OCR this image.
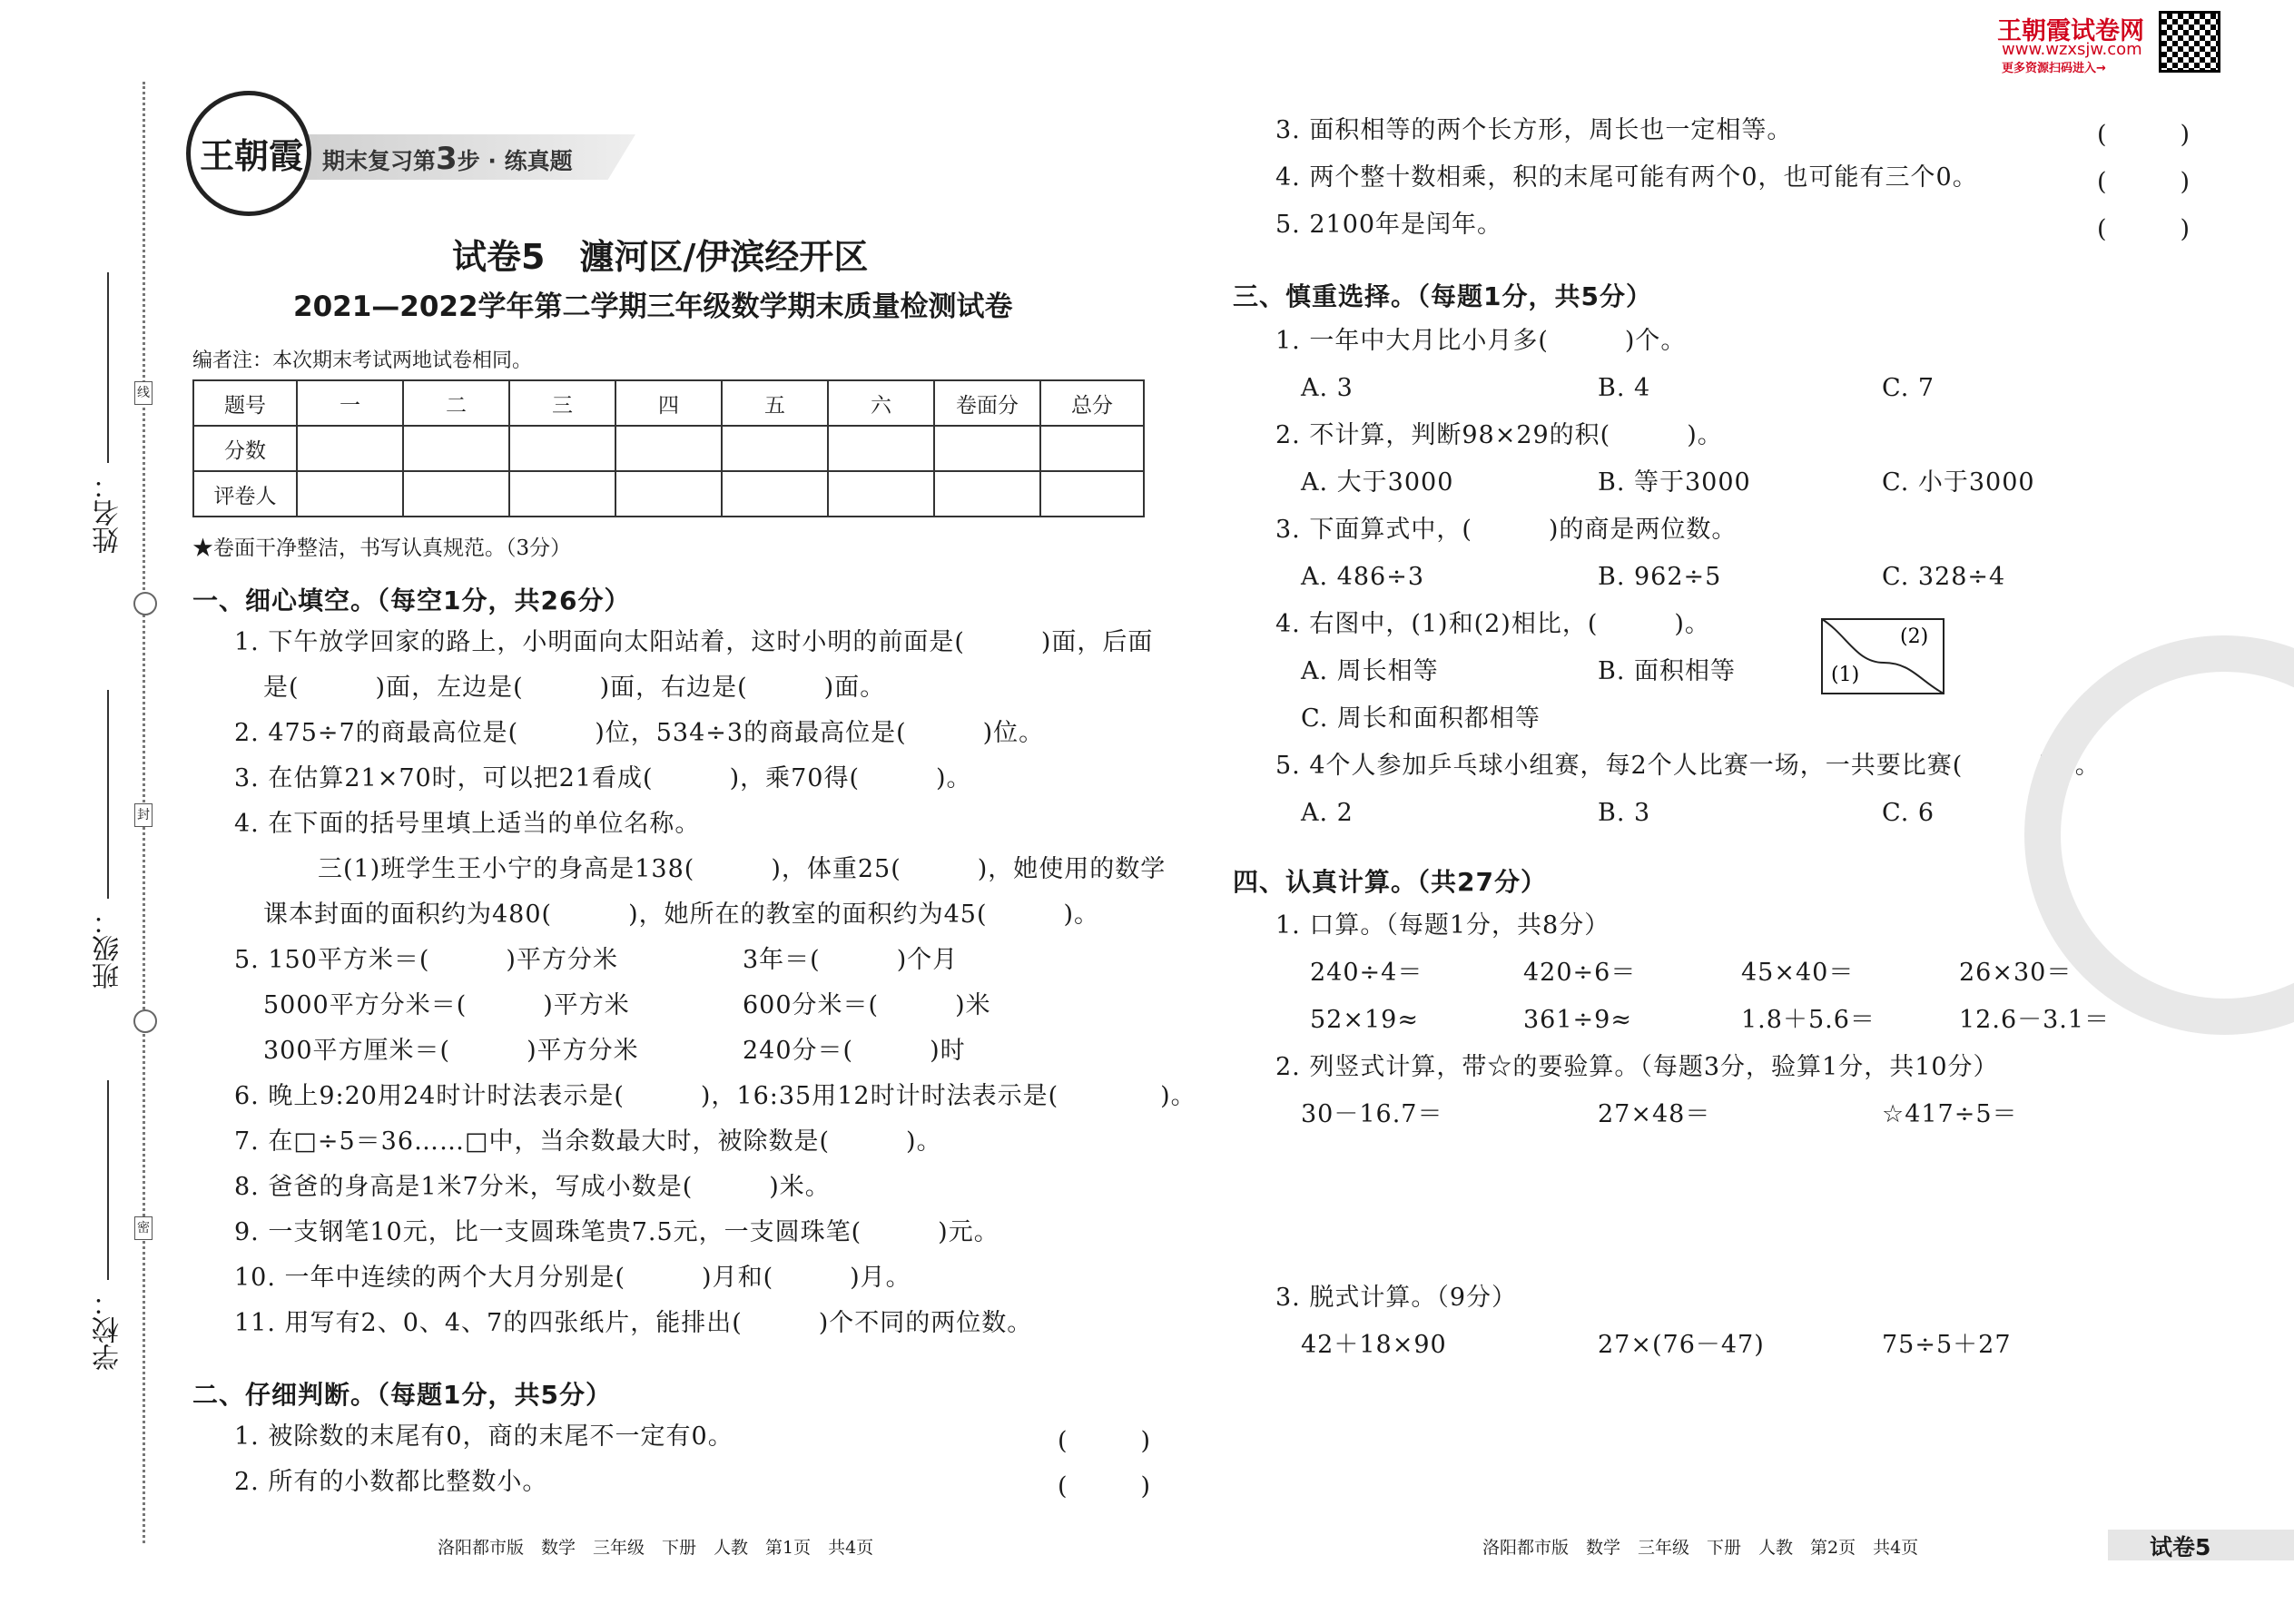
姓名：
班级：
学校：
线
封
密
期末复习第3步 · 练真题
王朝霞
王朝霞试卷网
www.wzxsjw.com
更多资源扫码进入→
试卷5　瀍河区/伊滨经开区
2021—2022学年第二学期三年级数学期末质量检测试卷
编者注：本次期末考试两地试卷相同。
题号	一	二	三	四	五	六	卷面分	总分
分数								
评卷人								
★卷面干净整洁，书写认真规范。（3分）
一、细心填空。（每空1分，共26分）
1. 下午放学回家的路上，小明面向太阳站着，这时小明的前面是(　　　)面，后面
是(　　　)面，左边是(　　　)面，右边是(　　　)面。
2. 475÷7的商最高位是(　　　)位，534÷3的商最高位是(　　　)位。
3. 在估算21×70时，可以把21看成(　　　)，乘70得(　　　)。
4. 在下面的括号里填上适当的单位名称。
三(1)班学生王小宁的身高是138(　　　)，体重25(　　　)，她使用的数学
课本封面的面积约为480(　　　)，她所在的教室的面积约为45(　　　)。
5. 150平方米＝(　　　)平方分米	3年＝(　　　)个月
5000平方分米＝(　　　)平方米	600分米＝(　　　)米
300平方厘米＝(　　　)平方分米	240分＝(　　　)时
6. 晚上9:20用24时计时法表示是(　　　)，16:35用12时计时法表示是(　　　　)。
7. 在□÷5＝36……□中，当余数最大时，被除数是(　　　)。
8. 爸爸的身高是1米7分米，写成小数是(　　　)米。
9. 一支钢笔10元，比一支圆珠笔贵7.5元，一支圆珠笔(　　　)元。
10. 一年中连续的两个大月分别是(　　　)月和(　　　)月。
11. 用写有2、0、4、7的四张纸片，能排出(　　　)个不同的两位数。
二、仔细判断。（每题1分，共5分）
1. 被除数的末尾有0，商的末尾不一定有0。	(　　　)
2. 所有的小数都比整数小。	(　　　)
3. 面积相等的两个长方形，周长也一定相等。	(　　　)
4. 两个整十数相乘，积的末尾可能有两个0，也可能有三个0。	(　　　)
5. 2100年是闰年。	(　　　)
三、慎重选择。（每题1分，共5分）
1. 一年中大月比小月多(　　　)个。
A. 3	B. 4	C. 7
2. 不计算，判断98×29的积(　　　)。
A. 大于3000	B. 等于3000	C. 小于3000
3. 下面算式中，(　　　)的商是两位数。
A. 486÷3	B. 962÷5	C. 328÷4
4. 右图中，(1)和(2)相比，(　　　)。
A. 周长相等	B. 面积相等
C. 周长和面积都相等
(2)
(1)
5. 4个人参加乒乓球小组赛，每2个人比赛一场，一共要比赛(　　　)场。
A. 2	B. 3	C. 6
四、认真计算。（共27分）
1. 口算。（每题1分，共8分）
240÷4＝	420÷6＝	45×40＝	26×30＝
52×19≈	361÷9≈	1.8＋5.6＝	12.6－3.1＝
2. 列竖式计算，带☆的要验算。（每题3分，验算1分，共10分）
30－16.7＝	27×48＝	☆417÷5＝
3. 脱式计算。（9分）
42＋18×90	27×(76－47)	75÷5＋27
洛阳都市版　数学　三年级　下册　人教　第1页　共4页	洛阳都市版　数学　三年级　下册　人教　第2页　共4页	试卷5
